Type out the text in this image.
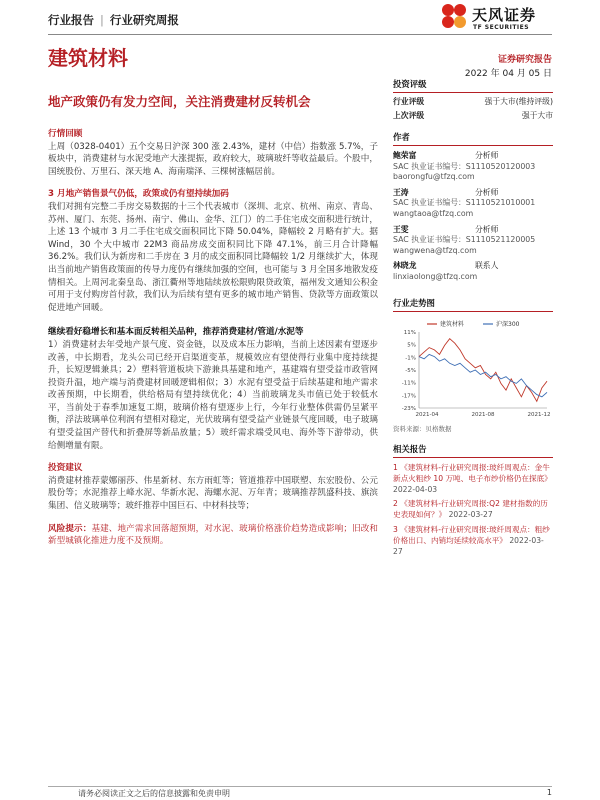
行业报告 | 行业研究周报	天风证券
TF SECURITIES
建筑材料	证券研究报告
2022 年 04 月 05 日
地产政策仍有发力空间，关注消费建材反转机会
行情回顾

上周（0328-0401）五个交易日沪深 300 涨 2.43%，建材（中信）指数涨 5.7%，子板块中，消费建材与水泥受地产大涨提振，政府较大，玻璃玻纤等收益最后。个股中，国统股份、万里石、深天地 A、海南瑞泽、三棵树涨幅居前。

3 月地产销售景气仍低，政策或仍有望持续加码

我们对拥有完整二手房交易数据的十三个代表城市（深圳、北京、杭州、南京、青岛、苏州、厦门、东莞、扬州、南宁、佛山、金华、江门）的二手住宅成交面积进行统计，上述 13 个城市 3 月二手住宅成交面积同比下降 50.04%，降幅较 2 月略有扩大。据 Wind，30 个大中城市 22M3 商品房成交面积同比下降 47.1%，前三月合计降幅 36.2%。我们认为新房和二手房在 3 月的成交面积同比降幅较 1/2 月继续扩大，体现出当前地产销售政策面的传导力度仍有继续加强的空间，也可能与 3 月全国多地散发疫情相关。上周河北秦皇岛、浙江衢州等地陆续放松限购限贷政策，福州发文通知公积金可用于支付购房首付款，我们认为后续有望有更多的城市地产销售、贷款等方面政策以促进地产回暖。

继续看好稳增长和基本面反转相关品种，推荐消费建材/管道/水泥等

1）消费建材去年受地产景气度、资金链，以及成本压力影响，当前上述因素有望逐步改善，中长期看，龙头公司已经开启渠道变革，规模效应有望使得行业集中度持续提升，长短逻辑兼具；2）塑料管道板块下游兼具基建和地产，基建端有望受益市政管网投资升温，地产端与消费建材回暖逻辑相似；3）水泥有望受益于后续基建和地产需求改善预期，中长期看，供给格局有望持续优化；4）当前玻璃龙头市值已处于较低水平，当前处于春季加速复工期，玻璃价格有望逐步上行，今年行业整体供需仍呈紧平衡，浮法玻璃单位利润有望相对稳定，光伏玻璃有望受益产业链景气度回暖，电子玻璃有望受益国产替代和折叠屏等新品放量；5）玻纤需求端受风电、海外等下游带动，供给侧增量有限。

投资建议

消费建材推荐蒙娜丽莎、伟星新材、东方雨虹等；管道推荐中国联塑、东宏股份、公元股份等；水泥推荐上峰水泥、华新水泥、海螺水泥、万年青；玻璃推荐凯盛科技、旗滨集团、信义玻璃等；玻纤推荐中国巨石、中材科技等；

风险提示：基建、地产需求回落超预期，对水泥、玻璃价格涨价趋势造成影响；旧改和新型城镇化推进力度不及预期。

投资评级
行业评级	强于大市(维持评级)
上次评级	强于大市
作者
鲍荣富	分析师
SAC 执业证书编号：S1110520120003
baorongfu@tfzq.com
王涛	分析师
SAC 执业证书编号：S1110521010001
wangtaoa@tfzq.com
王雯	分析师
SAC 执业证书编号：S1110521120005
wangwena@tfzq.com
林晓龙	联系人
linxiaolong@tfzq.com
行业走势图
11%
5%
-1%
-5%
-11%
-17%
-23%
2021-04	2021-08	2021-12
建筑材料	沪深300
资料来源：贝格数据
相关报告
1 《建筑材料-行业研究周报:玻纤周观点：金牛新点火粗纱 10 万吨、电子布纱价格仍在探底》 2022-04-03
2 《建筑材料-行业研究周报:Q2 建材指数的历史表现如何？》 2022-03-27
3 《建筑材料-行业研究周报:玻纤周观点：粗纱价格出口、内销均延续较高水平》 2022-03-27
请务必阅读正文之后的信息披露和免责申明	1
